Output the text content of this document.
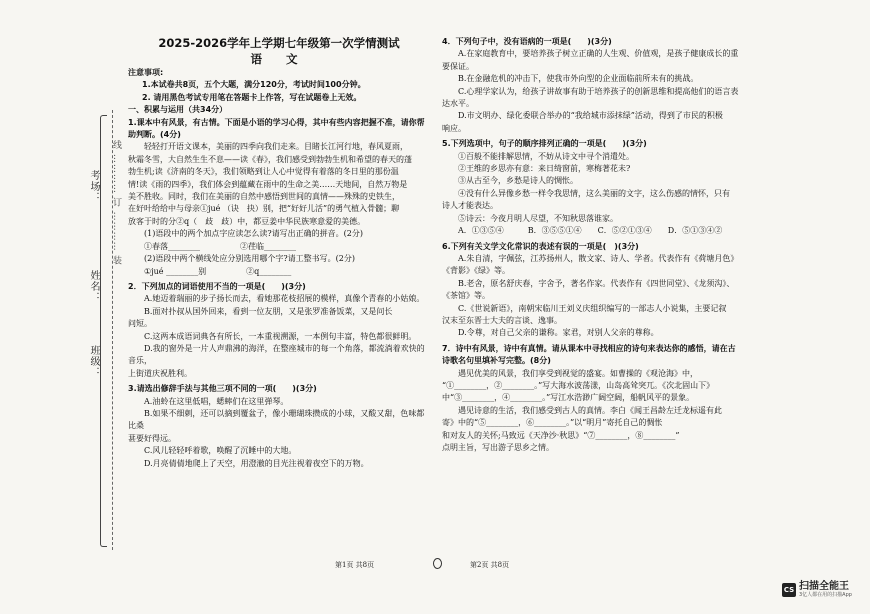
考场：
姓名：
班级：
线 ………… 订 ………… 装
2025-2026学年上学期七年级第一次学情测试
语 文

注意事项:

1.本试卷共8页，五个大题，满分120分，考试时间100分钟。

2. 请用黑色考试专用笔在答题卡上作答，写在试题卷上无效。

一、积累与运用（共34分）

1.课本中有风景，有古情。下面是小语的学习心得，其中有些内容把握不准，请你帮助判断。(4分)

轻轻打开语文课本，美丽的四季向我们走来。目睹长江河行地，春风夏雨，

秋霜冬雪，大自然生生不息——读《春》，我们感受到勃勃生机和希望的春天的蓬

勃生机;读《济南的冬天》，我们领略到让人心中觉得有着落的冬日里的那份温

情!读《雨的四季》，我们体会到蕴藏在雨中的生命之美……天地间，自然万物是

美不胜收。同时，我们在美丽的自然中感悟到世间的真情——殊殊的史铁生，

在好叶给给中与母亲①jué （诀　抉）别，把“好好儿活”的勇气植入骨髓；聊

放客于时的分②q（　歧　歧）中，都豆姜中华民族寒意爱的美德。

(1)语段中的两个加点字应读怎么读?请写出正确的拼音。(2分)

①春落________　　　　　②荏临________

(2)语段中两个横线处应分别选用哪个字?请工整书写。(2分)

①jué ________别　　　　　②q________

2．下列加点的词语使用不当的一项是(　　)(3分)

A.她迈着瑞丽的步子扬长而去，看她那花枝招展的模样，真像个青春的小姑娘。

B.面对扑叔从国外回来，看到一位友朋，又是张罗准备饭菜，又是问长

问短。

C.这两本成语词典各有所长，一本重视溯源，一本例句丰富，特色都很鲜明。

D.我的窗外是一片人声鼎沸的海洋，在整座城市的每一个角落，都流淌着欢快的音乐，

上街道庆祝胜利。

3.请选出修辞手法与其他三项不同的一项(　　)(3分)

A.油蛉在这里低唱，蟋蟀们在这里弹琴。

B.如果不细刺，还可以摘到覆盆子，像小珊瑚珠攒成的小球，又酸又甜，色味都比桑

葚要好得远。

C.风儿轻轻呼着歌，唤醒了沉睡中的大地。

D.月亮倩倩地爬上了天空，用澄澈的目光注视着夜空下的万物。

4．下列句子中，没有语病的一项是(　　)(3分)

A.在家庭教育中，要培养孩子树立正确的人生观、价值观，是孩子健康成长的重要保证。

B.在金融危机的冲击下，使我市外向型的企业面临前所未有的挑战。

C.心理学家认为，给孩子讲故事有助于培养孩子的创新思维和提高他们的语言表达水平。

D.市文明办、绿化委联合举办的“我给城市添抹绿”活动，得到了市民的积极

响应。

5.下列选项中，句子的顺序排列正确的一项是(　　)(3分)

①百般不能排解思情，不妨从诗文中寻个消遣处。

②王维的乡思亦有意：来日绮窗前，寒梅著花未?

③从古至今，乡愁是诗人的惆怅。

④没有什么异像乡愁一样令我思情，这么美丽的文字，这么伤感的情怀，只有

诗人才能表达。

⑤诗云：今夜月明人尽望，不知秋思落谁家。

A．①③⑤④　　　B．③⑤⑤①④　　C．⑤②①③④　　D．⑤①③④②

6.下列有关文学文化常识的表述有误的一项是(　)(3分)

A.朱自清，字佩弦，江苏扬州人，散文家、诗人、学者。代表作有《荷塘月色》

《背影》《绿》等。

B.老舍，原名舒庆春，字舍予，著名作家。代表作有《四世同堂》、《龙须沟》、

《茶馆》等。

C.《世说新语》，南朝宋临川王刘义庆组织编写的一部志人小说集，主要记叙

汉末至东晋士大夫的言谈、逸事。

D.令尊，对自己父亲的谦称。家君，对别人父亲的尊称。

7．诗中有风景，诗中有真情。请从课本中寻找相应的诗句来表达你的感悟，请在古诗歌名句里填补写完整。(8分)

遇见优美的风景，我们享受到视觉的盛宴。如曹操的《观沧海》中，

“①________，②________。”写大海水波荡漾，山岛高耸突兀。《次北固山下》

中“③________，④________。”写江水浩渺广阔空阔，船帆风平的景象。

遇见诗意的生活，我们感受到古人的真情。李白《闻王昌龄左迁龙标遥有此

寄》中的“⑤________，⑥________。”以“明月”寄托自己的惆怅

和对友人的关怀;马致远《天净沙·秋思》“⑦________，⑧________”

点明主旨，写出游子思乡之情。

第1页 共8页	第2页 共8页
CS 扫描全能王
3亿人都在用的扫描App
